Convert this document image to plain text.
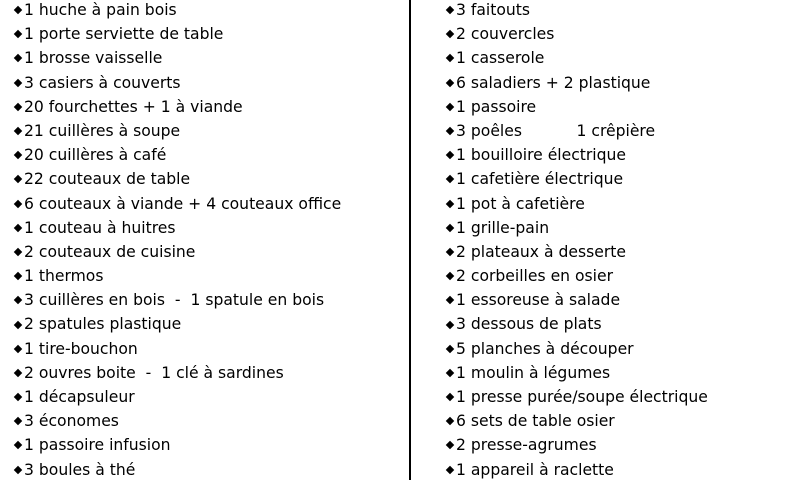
1 huche à pain bois
1 porte serviette de table
1 brosse vaisselle
3 casiers à couverts
20 fourchettes + 1 à viande
21 cuillères à soupe
20 cuillères à café
22 couteaux de table
6 couteaux à viande + 4 couteaux office
1 couteau à huitres
2 couteaux de cuisine
1 thermos
3 cuillères en bois  -  1 spatule en bois
2 spatules plastique
1 tire-bouchon
2 ouvres boite  -  1 clé à sardines
1 décapsuleur
3 économes
1 passoire infusion
3 boules à thé
3 faitouts
2 couvercles
1 casserole
6 saladiers + 2 plastique
1 passoire
3 poêles           1 crêpière
1 bouilloire électrique
1 cafetière électrique
1 pot à cafetière
1 grille-pain
2 plateaux à desserte
2 corbeilles en osier
1 essoreuse à salade
3 dessous de plats
5 planches à découper
1 moulin à légumes
1 presse purée/soupe électrique
6 sets de table osier
2 presse-agrumes
1 appareil à raclette
